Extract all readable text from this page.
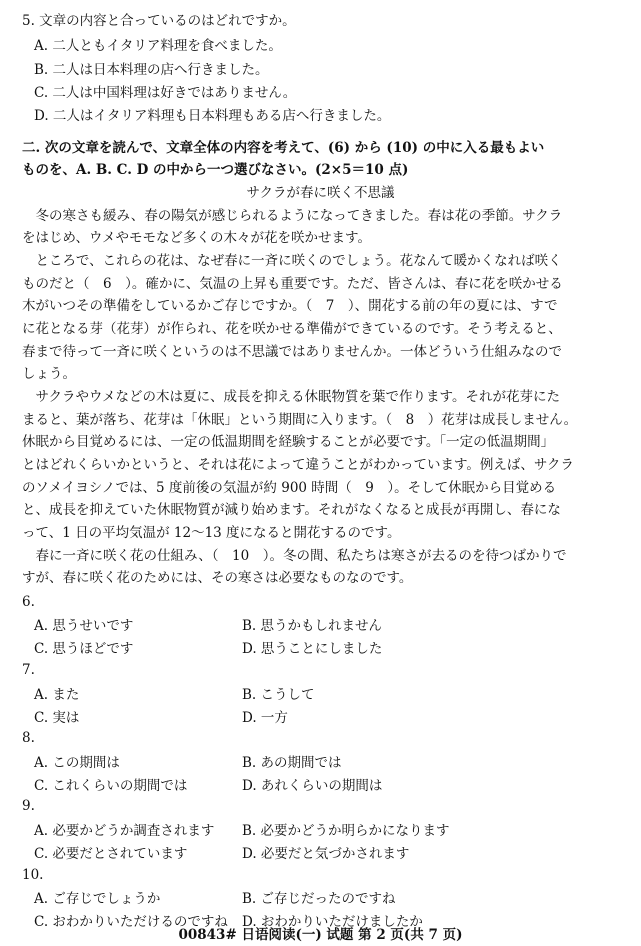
5. 文章の内容と合っているのはどれですか。
A. 二人ともイタリア料理を食べました。
B. 二人は日本料理の店へ行きました。
C. 二人は中国料理は好きではありません。
D. 二人はイタリア料理も日本料理もある店へ行きました。
二. 次の文章を読んで、文章全体の内容を考えて、(6) から (10) の中に入る最もよい
ものを、A. B. C. D の中から一つ選びなさい。(2×5＝10 点)
サクラが春に咲く不思議
　冬の寒さも緩み、春の陽気が感じられるようになってきました。春は花の季節。サクラ
をはじめ、ウメやモモなど多くの木々が花を咲かせます。
　ところで、これらの花は、なぜ春に一斉に咲くのでしょう。花なんて暖かくなれば咲く
ものだと（　6　）。確かに、気温の上昇も重要です。ただ、皆さんは、春に花を咲かせる
木がいつその準備をしているかご存じですか。（　7　）、開花する前の年の夏には、すで
に花となる芽（花芽）が作られ、花を咲かせる準備ができているのです。そう考えると、
春まで待って一斉に咲くというのは不思議ではありませんか。一体どういう仕組みなので
しょう。
　サクラやウメなどの木は夏に、成長を抑える休眠物質を葉で作ります。それが花芽にた
まると、葉が落ち、花芽は「休眠」という期間に入ります。（　8　）花芽は成長しません。
休眠から目覚めるには、一定の低温期間を経験することが必要です。「一定の低温期間」
とはどれくらいかというと、それは花によって違うことがわかっています。例えば、サクラ
のソメイヨシノでは、5 度前後の気温が約 900 時間（　9　）。そして休眠から目覚める
と、成長を抑えていた休眠物質が減り始めます。それがなくなると成長が再開し、春にな
って、1 日の平均気温が 12～13 度になると開花するのです。
　春に一斉に咲く花の仕組み、（　10　）。冬の間、私たちは寒さが去るのを待つばかりで
すが、春に咲く花のためには、その寒さは必要なものなのです。
6.
A. 思うせいです	B. 思うかもしれません
C. 思うほどです	D. 思うことにしました
7.
A. また	B. こうして
C. 実は	D. 一方
8.
A. この期間は	B. あの期間では
C. これくらいの期間では	D. あれくらいの期間は
9.
A. 必要かどうか調査されます B. 必要かどうか明らかになります
C. 必要だとされています	D. 必要だと気づかされます
10.
A. ご存じでしょうか	B. ご存じだったのですね
C. おわかりいただけるのですね D. おわかりいただけましたか
00843# 日语阅读(一) 试题 第 2 页(共 7 页)
